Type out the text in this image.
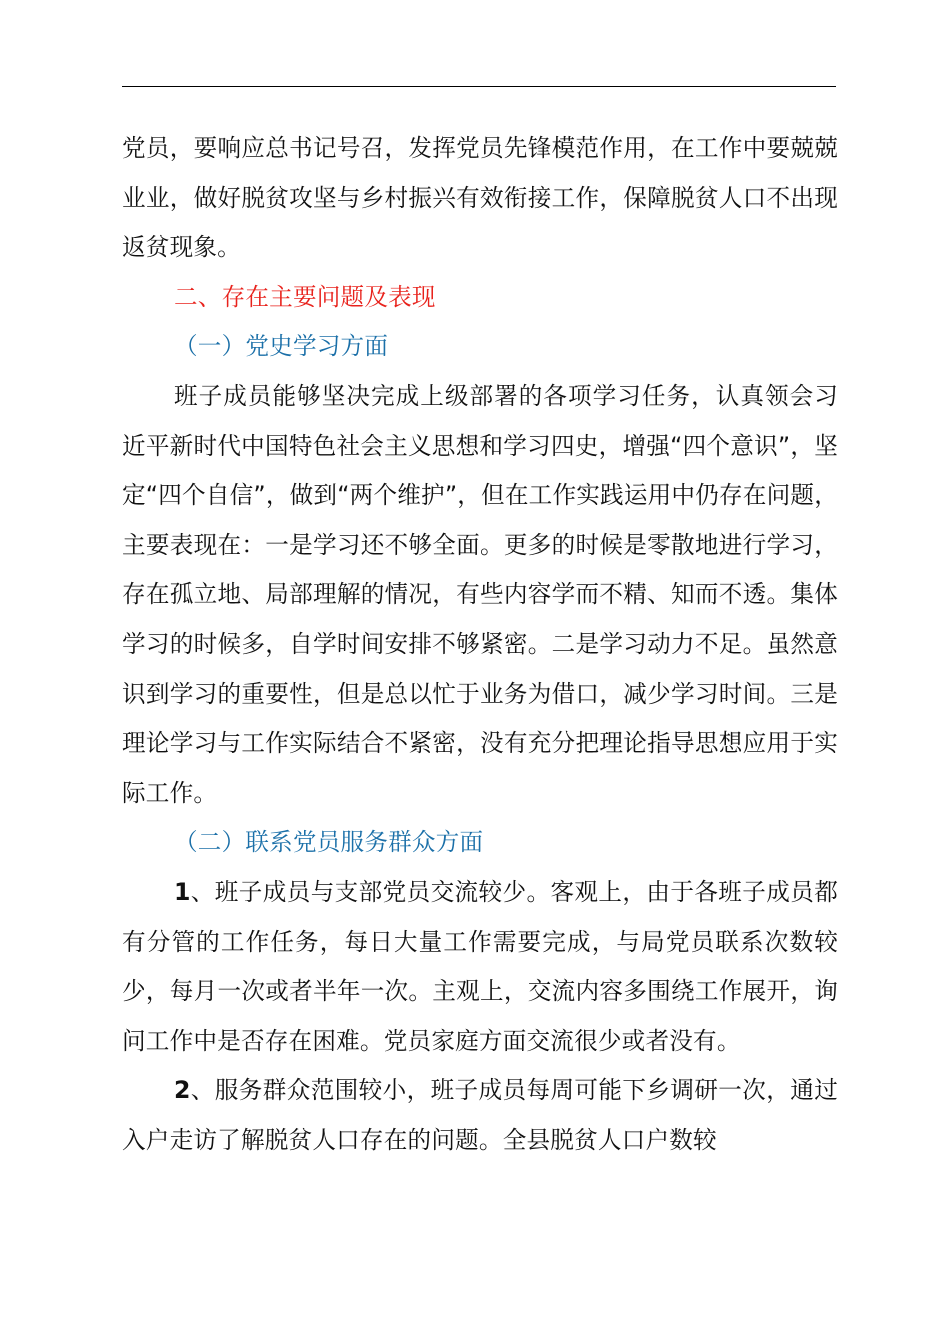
党员，要响应总书记号召，发挥党员先锋模范作用，在工作中要兢兢业业，做好脱贫攻坚与乡村振兴有效衔接工作，保障脱贫人口不出现返贫现象。

二、存在主要问题及表现

（一）党史学习方面

班子成员能够坚决完成上级部署的各项学习任务，认真领会习近平新时代中国特色社会主义思想和学习四史，增强“四个意识”，坚定“四个自信”，做到“两个维护”，但在工作实践运用中仍存在问题，主要表现在：一是学习还不够全面。更多的时候是零散地进行学习，存在孤立地、局部理解的情况，有些内容学而不精、知而不透。集体学习的时候多，自学时间安排不够紧密。二是学习动力不足。虽然意识到学习的重要性，但是总以忙于业务为借口，减少学习时间。三是理论学习与工作实际结合不紧密，没有充分把理论指导思想应用于实际工作。

（二）联系党员服务群众方面

1、班子成员与支部党员交流较少。客观上，由于各班子成员都有分管的工作任务，每日大量工作需要完成，与局党员联系次数较少，每月一次或者半年一次。主观上，交流内容多围绕工作展开，询问工作中是否存在困难。党员家庭方面交流很少或者没有。

2、服务群众范围较小，班子成员每周可能下乡调研一次，通过入户走访了解脱贫人口存在的问题。全县脱贫人口户数较
